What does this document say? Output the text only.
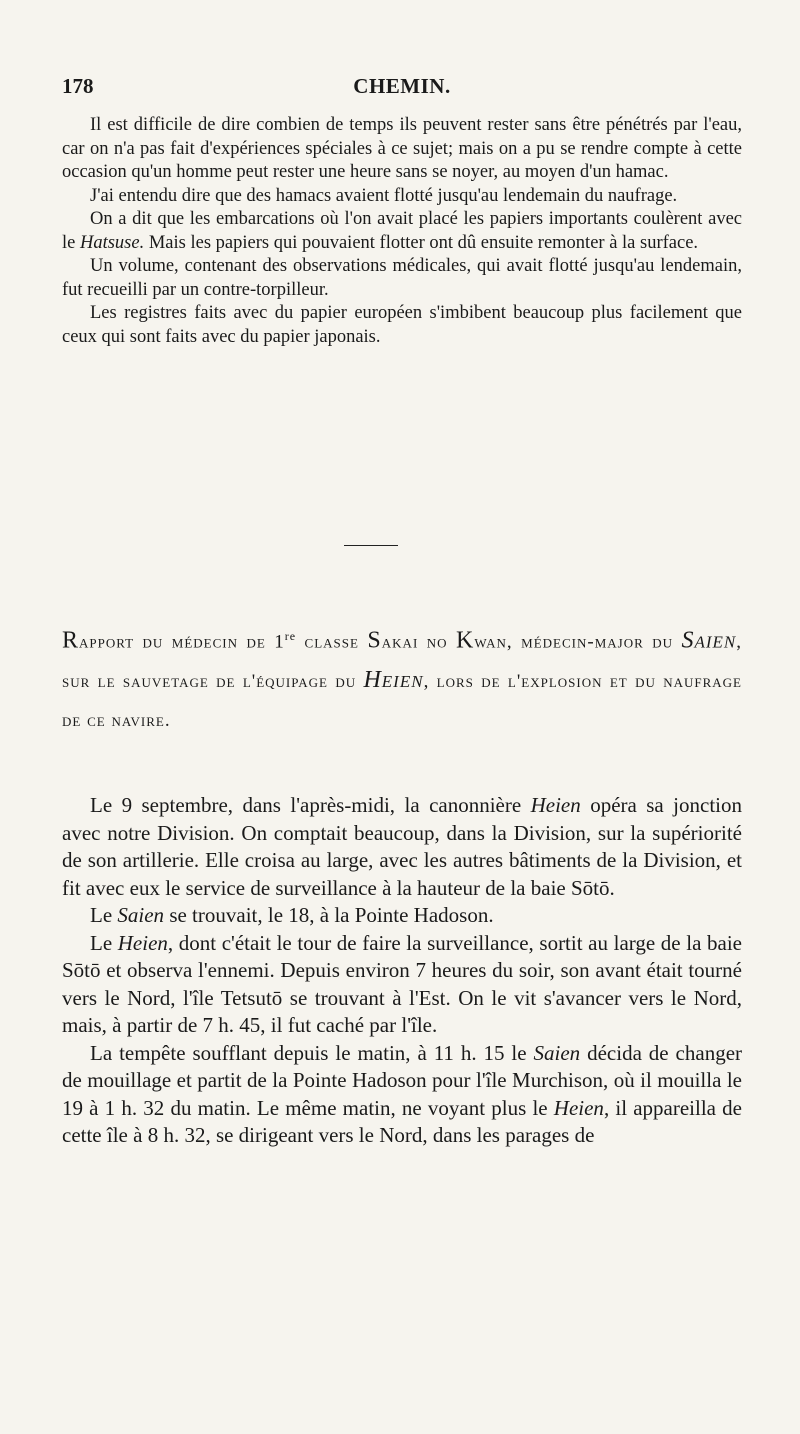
178	CHEMIN.

Il est difficile de dire combien de temps ils peuvent rester sans être pénétrés par l'eau, car on n'a pas fait d'expériences spéciales à ce sujet; mais on a pu se rendre compte à cette occasion qu'un homme peut rester une heure sans se noyer, au moyen d'un hamac.

J'ai entendu dire que des hamacs avaient flotté jusqu'au lendemain du naufrage.

On a dit que les embarcations où l'on avait placé les papiers importants coulèrent avec le Hatsuse. Mais les papiers qui pouvaient flotter ont dû ensuite remonter à la surface.

Un volume, contenant des observations médicales, qui avait flotté jusqu'au lendemain, fut recueilli par un contre-torpilleur.

Les registres faits avec du papier européen s'imbibent beaucoup plus facilement que ceux qui sont faits avec du papier japonais.

Rapport du médecin de 1re classe Sakai no Kwan, médecin-major du Saien, sur le sauvetage de l'équipage du Heien, lors de l'explosion et du naufrage de ce navire.

Le 9 septembre, dans l'après-midi, la canonnière Heien opéra sa jonction avec notre Division. On comptait beaucoup, dans la Division, sur la supériorité de son artillerie. Elle croisa au large, avec les autres bâtiments de la Division, et fit avec eux le service de surveillance à la hauteur de la baie Sōtō.

Le Saien se trouvait, le 18, à la Pointe Hadoson.

Le Heien, dont c'était le tour de faire la surveillance, sortit au large de la baie Sōtō et observa l'ennemi. Depuis environ 7 heures du soir, son avant était tourné vers le Nord, l'île Tetsutō se trouvant à l'Est. On le vit s'avancer vers le Nord, mais, à partir de 7 h. 45, il fut caché par l'île.

La tempête soufflant depuis le matin, à 11 h. 15 le Saien décida de changer de mouillage et partit de la Pointe Hadoson pour l'île Murchison, où il mouilla le 19 à 1 h. 32 du matin. Le même matin, ne voyant plus le Heien, il appareilla de cette île à 8 h. 32, se dirigeant vers le Nord, dans les parages de
